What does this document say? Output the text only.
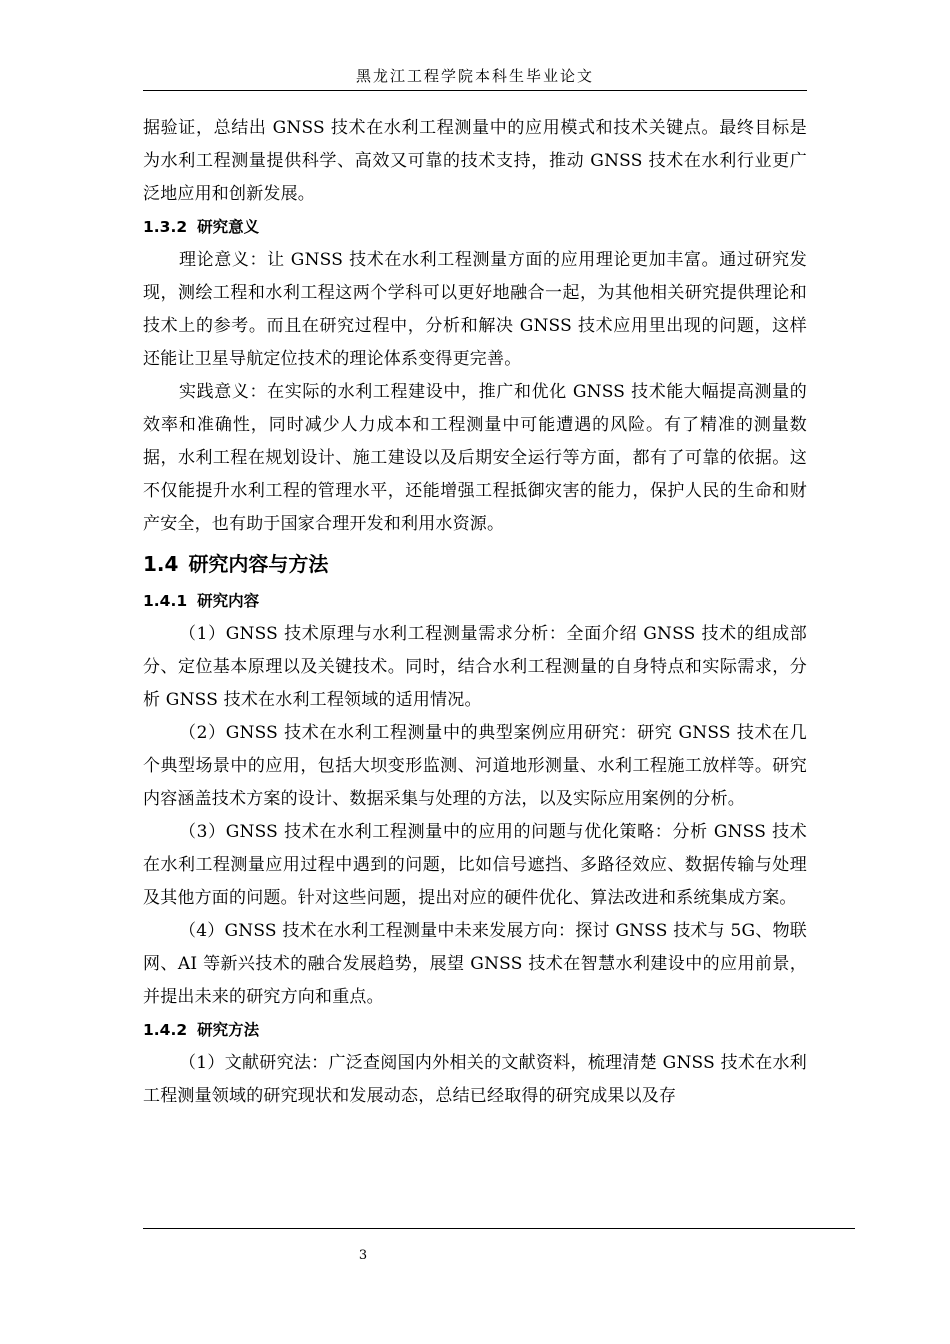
黑龙江工程学院本科生毕业论文

据验证，总结出 GNSS 技术在水利工程测量中的应用模式和技术关键点。最终目标是为水利工程测量提供科学、高效又可靠的技术支持，推动 GNSS 技术在水利行业更广泛地应用和创新发展。

1.3.2 研究意义

理论意义：让 GNSS 技术在水利工程测量方面的应用理论更加丰富。通过研究发现，测绘工程和水利工程这两个学科可以更好地融合一起，为其他相关研究提供理论和技术上的参考。而且在研究过程中，分析和解决 GNSS 技术应用里出现的问题，这样还能让卫星导航定位技术的理论体系变得更完善。

实践意义：在实际的水利工程建设中，推广和优化 GNSS 技术能大幅提高测量的效率和准确性，同时减少人力成本和工程测量中可能遭遇的风险。有了精准的测量数据，水利工程在规划设计、施工建设以及后期安全运行等方面，都有了可靠的依据。这不仅能提升水利工程的管理水平，还能增强工程抵御灾害的能力，保护人民的生命和财产安全，也有助于国家合理开发和利用水资源。

1.4 研究内容与方法
1.4.1 研究内容

（1）GNSS 技术原理与水利工程测量需求分析：全面介绍 GNSS 技术的组成部分、定位基本原理以及关键技术。同时，结合水利工程测量的自身特点和实际需求，分析 GNSS 技术在水利工程领域的适用情况。

（2）GNSS 技术在水利工程测量中的典型案例应用研究：研究 GNSS 技术在几个典型场景中的应用，包括大坝变形监测、河道地形测量、水利工程施工放样等。研究内容涵盖技术方案的设计、数据采集与处理的方法，以及实际应用案例的分析。

（3）GNSS 技术在水利工程测量中的应用的问题与优化策略：分析 GNSS 技术在水利工程测量应用过程中遇到的问题，比如信号遮挡、多路径效应、数据传输与处理及其他方面的问题。针对这些问题，提出对应的硬件优化、算法改进和系统集成方案。

（4）GNSS 技术在水利工程测量中未来发展方向：探讨 GNSS 技术与 5G、物联网、AI 等新兴技术的融合发展趋势，展望 GNSS 技术在智慧水利建设中的应用前景，并提出未来的研究方向和重点。

1.4.2 研究方法

（1）文献研究法：广泛查阅国内外相关的文献资料，梳理清楚 GNSS 技术在水利工程测量领域的研究现状和发展动态，总结已经取得的研究成果以及存

3
